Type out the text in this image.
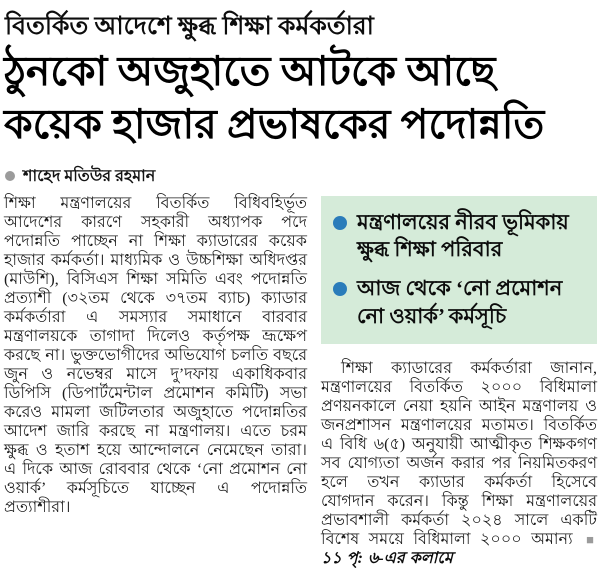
বিতর্কিত আদেশে ক্ষুব্ধ শিক্ষা কর্মকর্তারা
ঠুনকো অজুহাতে আটকে আছে কয়েক হাজার প্রভাষকের পদোন্নতি
শাহেদ মতিউর রহমান

শিক্ষা মন্ত্রণালয়ের বিতর্কিত বিধিবহির্ভূত আদেশের কারণে সহকারী অধ্যাপক পদে পদোন্নতি পাচ্ছেন না শিক্ষা ক্যাডারের কয়েক হাজার কর্মকর্তা। মাধ্যমিক ও উচ্চশিক্ষা অধিদপ্তর (মাউশি), বিসিএস শিক্ষা সমিতি এবং পদোন্নতি প্রত্যাশী (৩২তম থেকে ৩৭তম ব্যাচ) ক্যাডার কর্মকর্তারা এ সমস্যার সমাধানে বারবার মন্ত্রণালয়কে তাগাদা দিলেও কর্তৃপক্ষ ভ্রূক্ষেপ করছে না। ভুক্তভোগীদের অভিযোগ চলতি বছরে জুন ও নভেম্বর মাসে দু’দফায় একাধিকবার ডিপিসি (ডিপার্টমেন্টাল প্রমোশন কমিটি) সভা করেও মামলা জটিলতার অজুহাতে পদোন্নতির আদেশ জারি করছে না মন্ত্রণালয়। এতে চরম ক্ষুব্ধ ও হতাশ হয়ে আন্দোলনে নেমেছেন তারা। এ দিকে আজ রোববার থেকে ‘নো প্রমোশন নো ওয়ার্ক’ কর্মসূচিতে যাচ্ছেন এ পদোন্নতি প্রত্যাশীরা।

মন্ত্রণালয়ের নীরব ভূমিকায় ক্ষুব্ধ শিক্ষা পরিবার
আজ থেকে ‘নো প্রমোশন নো ওয়ার্ক’ কর্মসূচি

শিক্ষা ক্যাডারের কর্মকর্তারা জানান, মন্ত্রণালয়ের বিতর্কিত ২০০০ বিধিমালা প্রণয়নকালে নেয়া হয়নি আইন মন্ত্রণালয় ও জনপ্রশাসন মন্ত্রণালয়ের মতামত। বিতর্কিত এ বিধি ৬(৫) অনুযায়ী আত্মীকৃত শিক্ষকগণ সব যোগ্যতা অর্জন করার পর নিয়মিতকরণ হলে তখন ক্যাডার কর্মকর্তা হিসেবে যোগদান করেন। কিন্তু শিক্ষা মন্ত্রণালয়ের প্রভাবশালী কর্মকর্তা ২০২৪ সালে একটি বিশেষ সময়ে বিধিমালা ২০০০ অমান্য ■ ১১ পৃ: ৬-এর কলামে
